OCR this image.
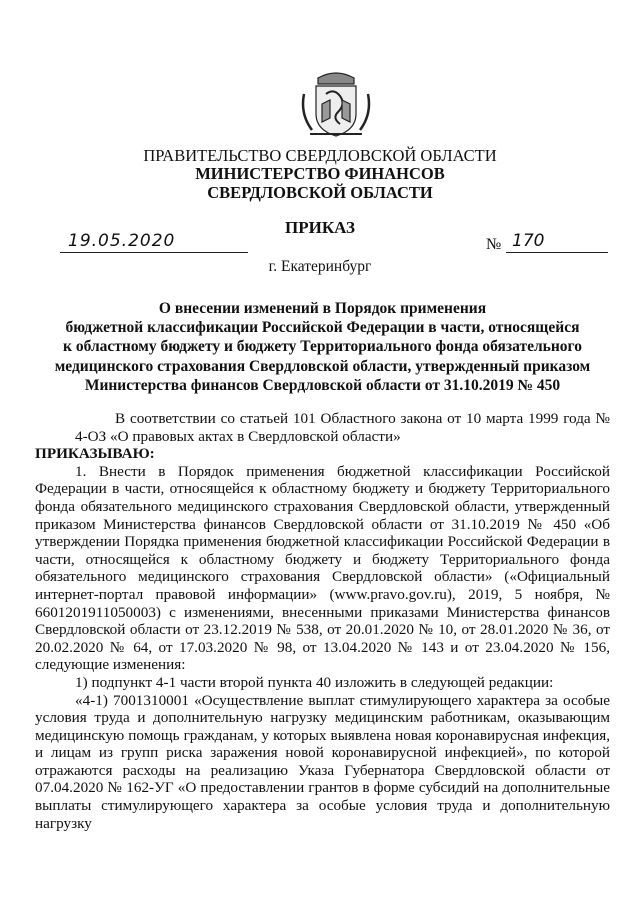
ПРАВИТЕЛЬСТВО СВЕРДЛОВСКОЙ ОБЛАСТИ
МИНИСТЕРСТВО ФИНАНСОВ
СВЕРДЛОВСКОЙ ОБЛАСТИ
ПРИКАЗ
19.05.2020	№ 170
г. Екатеринбург
О внесении изменений в Порядок применения
бюджетной классификации Российской Федерации в части, относящейся
к областному бюджету и бюджету Территориального фонда обязательного
медицинского страхования Свердловской области, утвержденный приказом
Министерства финансов Свердловской области от 31.10.2019 № 450

В соответствии со статьей 101 Областного закона от 10 марта 1999 года № 4-ОЗ «О правовых актах в Свердловской области»

ПРИКАЗЫВАЮ:

1. Внести в Порядок применения бюджетной классификации Российской Федерации в части, относящейся к областному бюджету и бюджету Территориального фонда обязательного медицинского страхования Свердловской области, утвержденный приказом Министерства финансов Свердловской области от 31.10.2019 № 450 «Об утверждении Порядка применения бюджетной классификации Российской Федерации в части, относящейся к областному бюджету и бюджету Территориального фонда обязательного медицинского страхования Свердловской области» («Официальный интернет-портал правовой информации» (www.pravo.gov.ru), 2019, 5 ноября, № 6601201911050003) с изменениями, внесенными приказами Министерства финансов Свердловской области от 23.12.2019 № 538, от 20.01.2020 № 10, от 28.01.2020 № 36, от 20.02.2020 № 64, от 17.03.2020 № 98, от 13.04.2020 № 143 и от 23.04.2020 № 156, следующие изменения:

1) подпункт 4-1 части второй пункта 40 изложить в следующей редакции:

«4-1) 7001310001 «Осуществление выплат стимулирующего характера за особые условия труда и дополнительную нагрузку медицинским работникам, оказывающим медицинскую помощь гражданам, у которых выявлена новая коронавирусная инфекция, и лицам из групп риска заражения новой коронавирусной инфекцией», по которой отражаются расходы на реализацию Указа Губернатора Свердловской области от 07.04.2020 № 162-УГ «О предоставлении грантов в форме субсидий на дополнительные выплаты стимулирующего характера за особые условия труда и дополнительную нагрузку
